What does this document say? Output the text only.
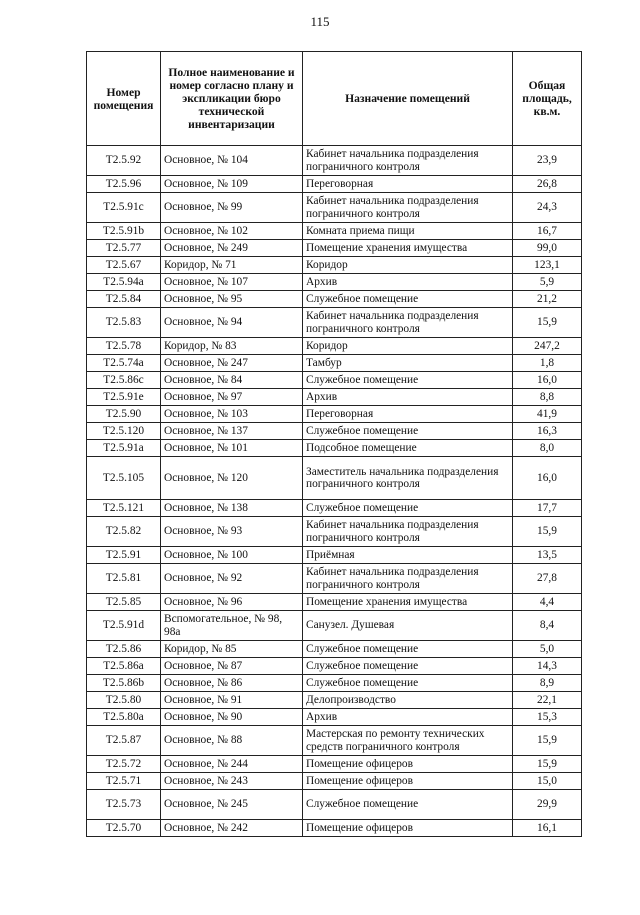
115
Номер помещения	Полное наименование и номер согласно плану и экспликации бюро технической инвентаризации	Назначение помещений	Общая площадь, кв.м.
Т2.5.92	Основное, № 104	Кабинет начальника подразделения пограничного контроля	23,9
Т2.5.96	Основное, № 109	Переговорная	26,8
Т2.5.91c	Основное, № 99	Кабинет начальника подразделения пограничного контроля	24,3
Т2.5.91b	Основное, № 102	Комната приема пищи	16,7
Т2.5.77	Основное, № 249	Помещение хранения имущества	99,0
Т2.5.67	Коридор, № 71	Коридор	123,1
Т2.5.94a	Основное, № 107	Архив	5,9
Т2.5.84	Основное, № 95	Служебное помещение	21,2
Т2.5.83	Основное, № 94	Кабинет начальника подразделения пограничного контроля	15,9
Т2.5.78	Коридор, № 83	Коридор	247,2
Т2.5.74a	Основное, № 247	Тамбур	1,8
Т2.5.86c	Основное, № 84	Служебное помещение	16,0
Т2.5.91e	Основное, № 97	Архив	8,8
Т2.5.90	Основное, № 103	Переговорная	41,9
Т2.5.120	Основное, № 137	Служебное помещение	16,3
Т2.5.91a	Основное, № 101	Подсобное помещение	8,0
Т2.5.105	Основное, № 120	Заместитель начальника подразделения пограничного контроля	16,0
Т2.5.121	Основное, № 138	Служебное помещение	17,7
Т2.5.82	Основное, № 93	Кабинет начальника подразделения пограничного контроля	15,9
Т2.5.91	Основное, № 100	Приёмная	13,5
Т2.5.81	Основное, № 92	Кабинет начальника подразделения пограничного контроля	27,8
Т2.5.85	Основное, № 96	Помещение хранения имущества	4,4
Т2.5.91d	Вспомогательное, № 98, 98a	Санузел. Душевая	8,4
Т2.5.86	Коридор, № 85	Служебное помещение	5,0
Т2.5.86a	Основное, № 87	Служебное помещение	14,3
Т2.5.86b	Основное, № 86	Служебное помещение	8,9
Т2.5.80	Основное, № 91	Делопроизводство	22,1
Т2.5.80a	Основное, № 90	Архив	15,3
Т2.5.87	Основное, № 88	Мастерская по ремонту технических средств пограничного контроля	15,9
Т2.5.72	Основное, № 244	Помещение офицеров	15,9
Т2.5.71	Основное, № 243	Помещение офицеров	15,0
Т2.5.73	Основное, № 245	Служебное помещение	29,9
Т2.5.70	Основное, № 242	Помещение офицеров	16,1
